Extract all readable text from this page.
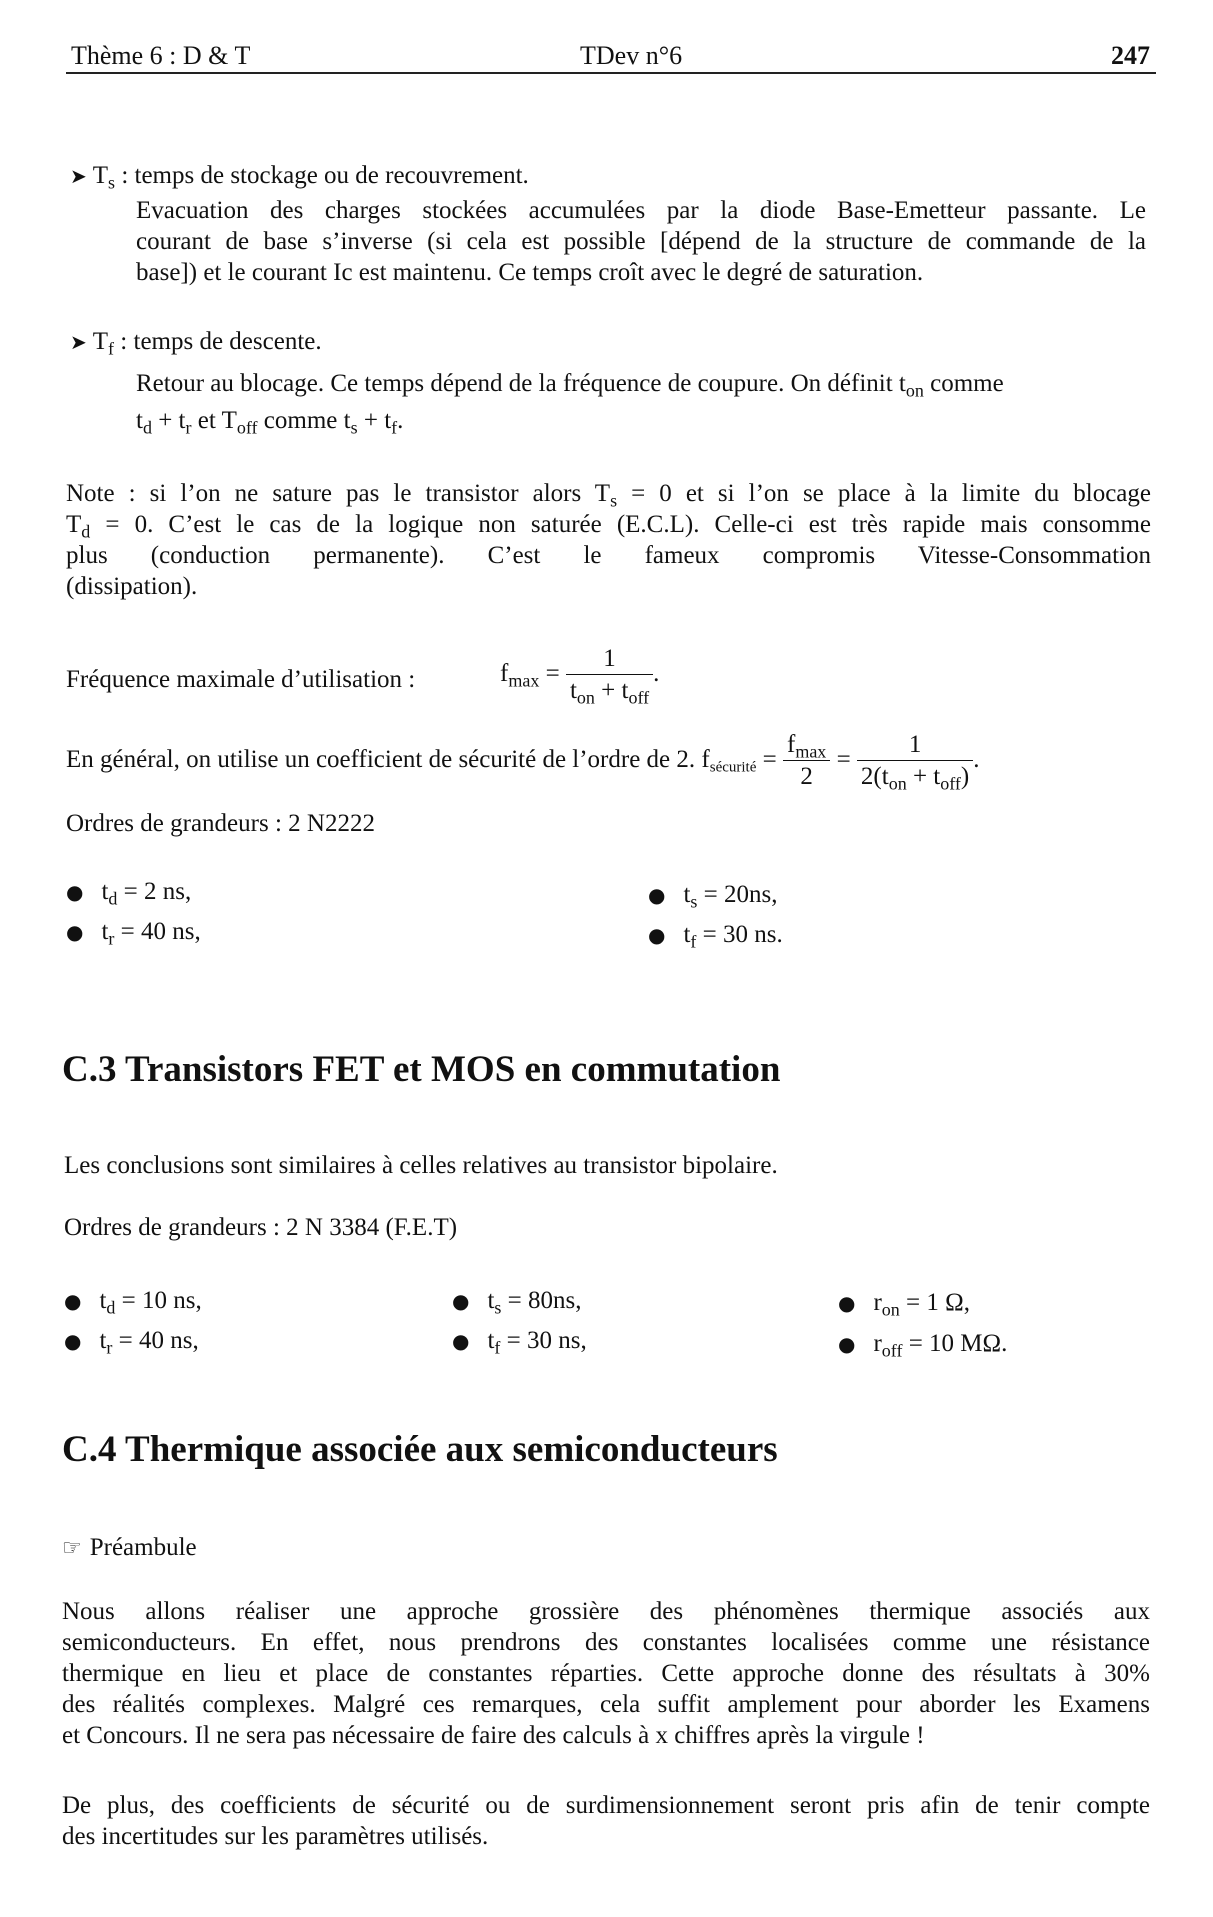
Thème 6 : D & T	TDev n°6	247
➤ $T_s$ : temps de stockage ou de recouvrement.
Evacuation des charges stockées accumulées par la diode Base-Emetteur passante. Le
courant de base s’inverse (si cela est possible [dépend de la structure de commande de la
base]) et le courant Ic est maintenu. Ce temps croît avec le degré de saturation.
➤ $T_f$ : temps de descente.
Retour au blocage. Ce temps dépend de la fréquence de coupure. On définit $t_{on}$ comme
$t_d + t_r$ et $T_{off}$ comme $t_s + t_f$.
Note : si l’on ne sature pas le transistor alors $T_s = 0$ et si l’on se place à la limite du blocage
$T_d = 0$. C’est le cas de la logique non saturée (E.C.L). Celle-ci est très rapide mais consomme
plus (conduction permanente). C’est le fameux compromis Vitesse-Consommation
(dissipation).
Fréquence maximale d’utilisation :	$f_{max} = \frac{1}{t_{on} + t_{off}}$ .
En général, on utilise un coefficient de sécurité de l’ordre de 2. $f_{sécurité} = \frac{f_{max}}{2} = \frac{1}{2(t_{on} + t_{off})}$ .
Ordres de grandeurs : 2 N2222
● $t_d = 2$ ns,
● $t_r = 40$ ns,
● $t_s = 20ns$,
● $t_f = 30$ ns.
C.3 Transistors FET et MOS en commutation
Les conclusions sont similaires à celles relatives au transistor bipolaire.
Ordres de grandeurs : 2 N 3384 (F.E.T)
● $t_d = 10$ ns,
● $t_r = 40$ ns,
● $t_s = 80ns$,
● $t_f = 30$ ns,
● $r_{on} = 1$ Ω,
● $r_{off} = 10$ MΩ.
C.4 Thermique associée aux semiconducteurs
☞ Préambule
Nous allons réaliser une approche grossière des phénomènes thermique associés aux
semiconducteurs. En effet, nous prendrons des constantes localisées comme une résistance
thermique en lieu et place de constantes réparties. Cette approche donne des résultats à 30%
des réalités complexes. Malgré ces remarques, cela suffit amplement pour aborder les Examens
et Concours. Il ne sera pas nécessaire de faire des calculs à x chiffres après la virgule !
De plus, des coefficients de sécurité ou de surdimensionnement seront pris afin de tenir compte
des incertitudes sur les paramètres utilisés.
